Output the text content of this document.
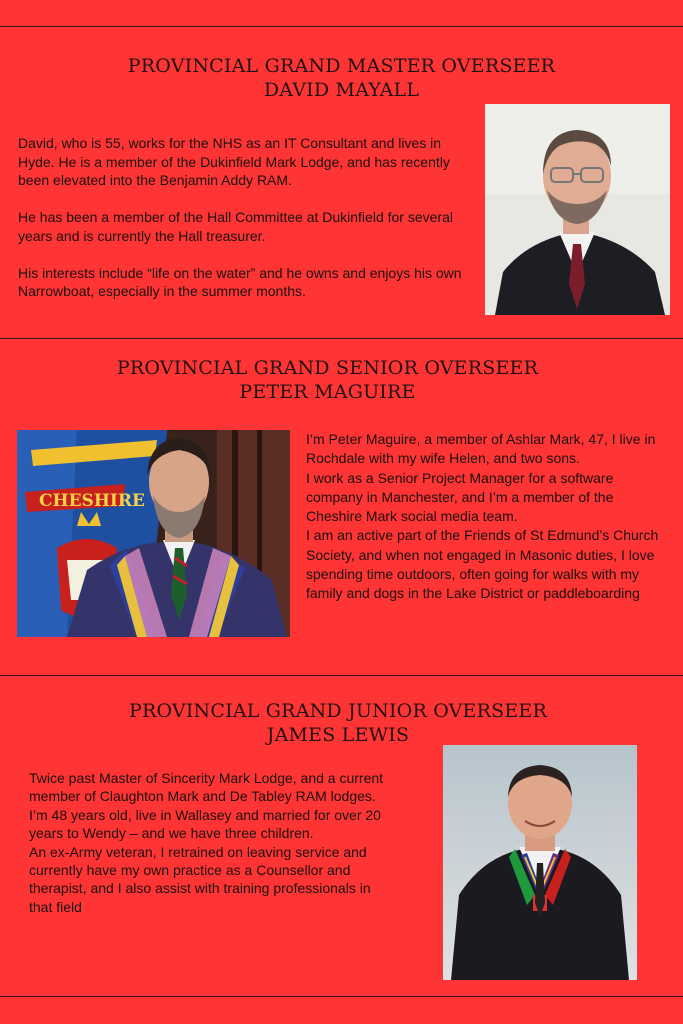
PROVINCIAL GRAND MASTER OVERSEER
DAVID MAYALL

David, who is 55, works for the NHS as an IT Consultant and lives in Hyde. He is a member of the Dukinfield Mark Lodge, and has recently been elevated into the Benjamin Addy RAM.

He has been a member of the Hall Committee at Dukinfield for several years and is currently the Hall treasurer.

His interests include “life on the water” and he owns and enjoys his own Narrowboat, especially in the summer months.

PROVINCIAL GRAND SENIOR OVERSEER
PETER MAGUIRE
CHESHIRE

I’m Peter Maguire, a member of Ashlar Mark, 47, I live in Rochdale with my wife Helen, and two sons.

I work as a Senior Project Manager for a software company in Manchester, and I’m a member of the Cheshire Mark social media team.

I am an active part of the Friends of St Edmund’s Church Society, and when not engaged in Masonic duties, I love spending time outdoors, often going for walks with my family and dogs in the Lake District or paddleboarding

PROVINCIAL GRAND JUNIOR OVERSEER
JAMES LEWIS

Twice past Master of Sincerity Mark Lodge, and a current member of Claughton Mark and De Tabley RAM lodges.

I’m 48 years old, live in Wallasey and married for over 20 years to Wendy – and we have three children.

An ex-Army veteran, I retrained on leaving service and currently have my own practice as a Counsellor and therapist, and I also assist with training professionals in that field
